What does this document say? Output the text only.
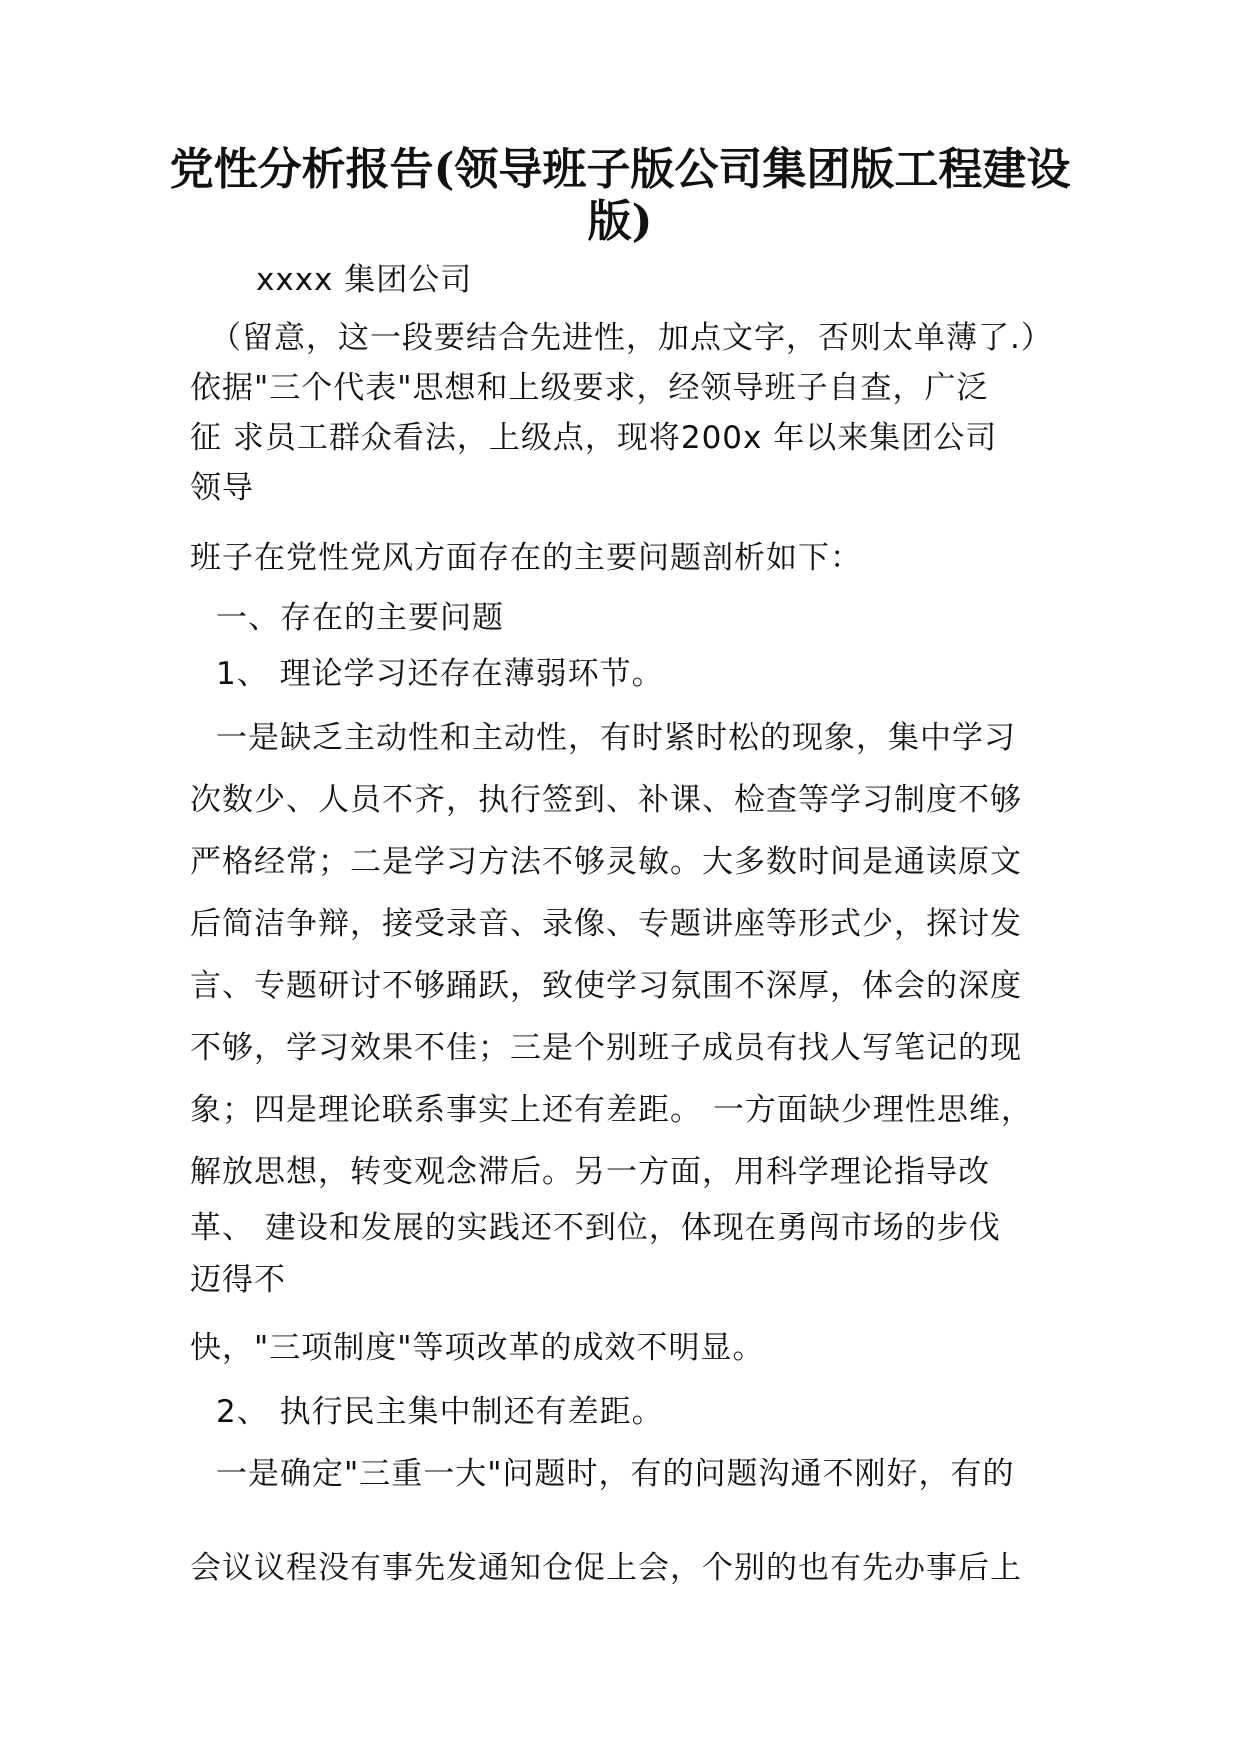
党性分析报告(领导班子版公司集团版工程建设
版)

xxxx 集团公司

（留意，这一段要结合先进性，加点文字，否则太单薄了.）

依据"三个代表"思想和上级要求，经领导班子自查，广泛

征 求员工群众看法，上级点，现将200x 年以来集团公司

领导

班子在党性党风方面存在的主要问题剖析如下：

一、存在的主要问题

1、 理论学习还存在薄弱环节。

一是缺乏主动性和主动性，有时紧时松的现象，集中学习

次数少、人员不齐，执行签到、补课、检查等学习制度不够

严格经常；二是学习方法不够灵敏。大多数时间是通读原文

后简洁争辩，接受录音、录像、专题讲座等形式少，探讨发

言、专题研讨不够踊跃，致使学习氛围不深厚，体会的深度

不够，学习效果不佳；三是个别班子成员有找人写笔记的现

象；四是理论联系事实上还有差距。 一方面缺少理性思维，

解放思想，转变观念滞后。另一方面，用科学理论指导改

革、 建设和发展的实践还不到位，体现在勇闯市场的步伐

迈得不

快，"三项制度"等项改革的成效不明显。

2、 执行民主集中制还有差距。

一是确定"三重一大"问题时，有的问题沟通不刚好，有的

会议议程没有事先发通知仓促上会，个别的也有先办事后上
